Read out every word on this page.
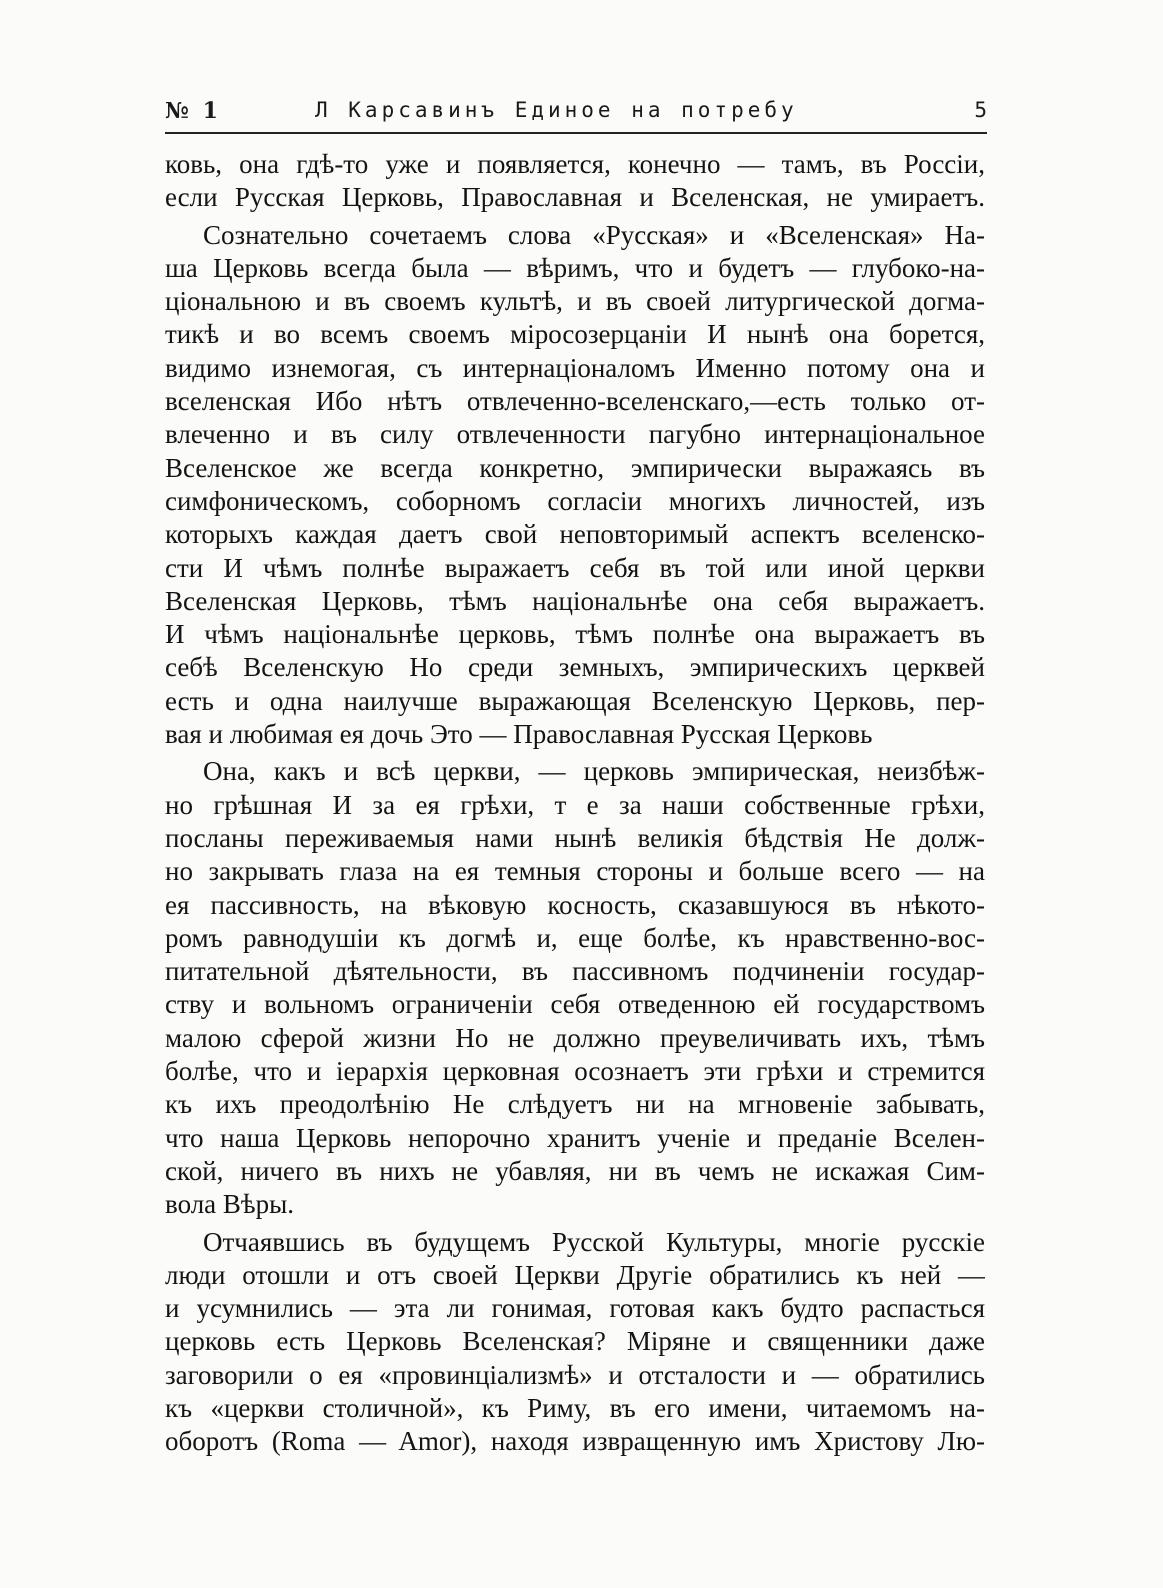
№ 1	Л Карсавинъ Единое на потребу	5
ковь, она гдѣ-то уже и появляется, конечно — тамъ, въ Россіи,
если Русская Церковь, Православная и Вселенская, не умираетъ.
Сознательно сочетаемъ слова «Русская» и «Вселенская» На-
ша Церковь всегда была — вѣримъ, что и будетъ — глубоко-на-
ціональною и въ своемъ культѣ, и въ своей литургической догма-
тикѣ и во всемъ своемъ міросозерцаніи И нынѣ она борется,
видимо изнемогая, съ интернаціоналомъ Именно потому она и
вселенская Ибо нѣтъ отвлеченно-вселенскаго,—есть только от-
влеченно и въ силу отвлеченности пагубно интернаціональное
Вселенское же всегда конкретно, эмпирически выражаясь въ
симфоническомъ, соборномъ согласіи многихъ личностей, изъ
которыхъ каждая даетъ свой неповторимый аспектъ вселенско-
сти И чѣмъ полнѣе выражаетъ себя въ той или иной церкви
Вселенская Церковь, тѣмъ національнѣе она себя выражаетъ.
И чѣмъ національнѣе церковь, тѣмъ полнѣе она выражаетъ въ
себѣ Вселенскую Но среди земныхъ, эмпирическихъ церквей
есть и одна наилучше выражающая Вселенскую Церковь, пер-
вая и любимая ея дочь Это — Православная Русская Церковь
Она, какъ и всѣ церкви, — церковь эмпирическая, неизбѣж-
но грѣшная И за ея грѣхи, т е за наши собственные грѣхи,
посланы переживаемыя нами нынѣ великія бѣдствія Не долж-
но закрывать глаза на ея темныя стороны и больше всего — на
ея пассивность, на вѣковую косность, сказавшуюся въ нѣкото-
ромъ равнодушіи къ догмѣ и, еще болѣе, къ нравственно-вос-
питательной дѣятельности, въ пассивномъ подчиненіи государ-
ству и вольномъ ограниченіи себя отведенною ей государствомъ
малою сферой жизни Но не должно преувеличивать ихъ, тѣмъ
болѣе, что и іерархія церковная осознаетъ эти грѣхи и стремится
къ ихъ преодолѣнію Не слѣдуетъ ни на мгновеніе забывать,
что наша Церковь непорочно хранитъ ученіе и преданіе Вселен-
ской, ничего въ нихъ не убавляя, ни въ чемъ не искажая Сим-
вола Вѣры.
Отчаявшись въ будущемъ Русской Культуры, многіе русскіе
люди отошли и отъ своей Церкви Другіе обратились къ ней —
и усумнились — эта ли гонимая, готовая какъ будто распасться
церковь есть Церковь Вселенская? Міряне и священники даже
заговорили о ея «провинціализмѣ» и отсталости и — обратились
къ «церкви столичной», къ Риму, въ его имени, читаемомъ на-
оборотъ (Roma — Amor), находя извращенную имъ Христову Лю-
